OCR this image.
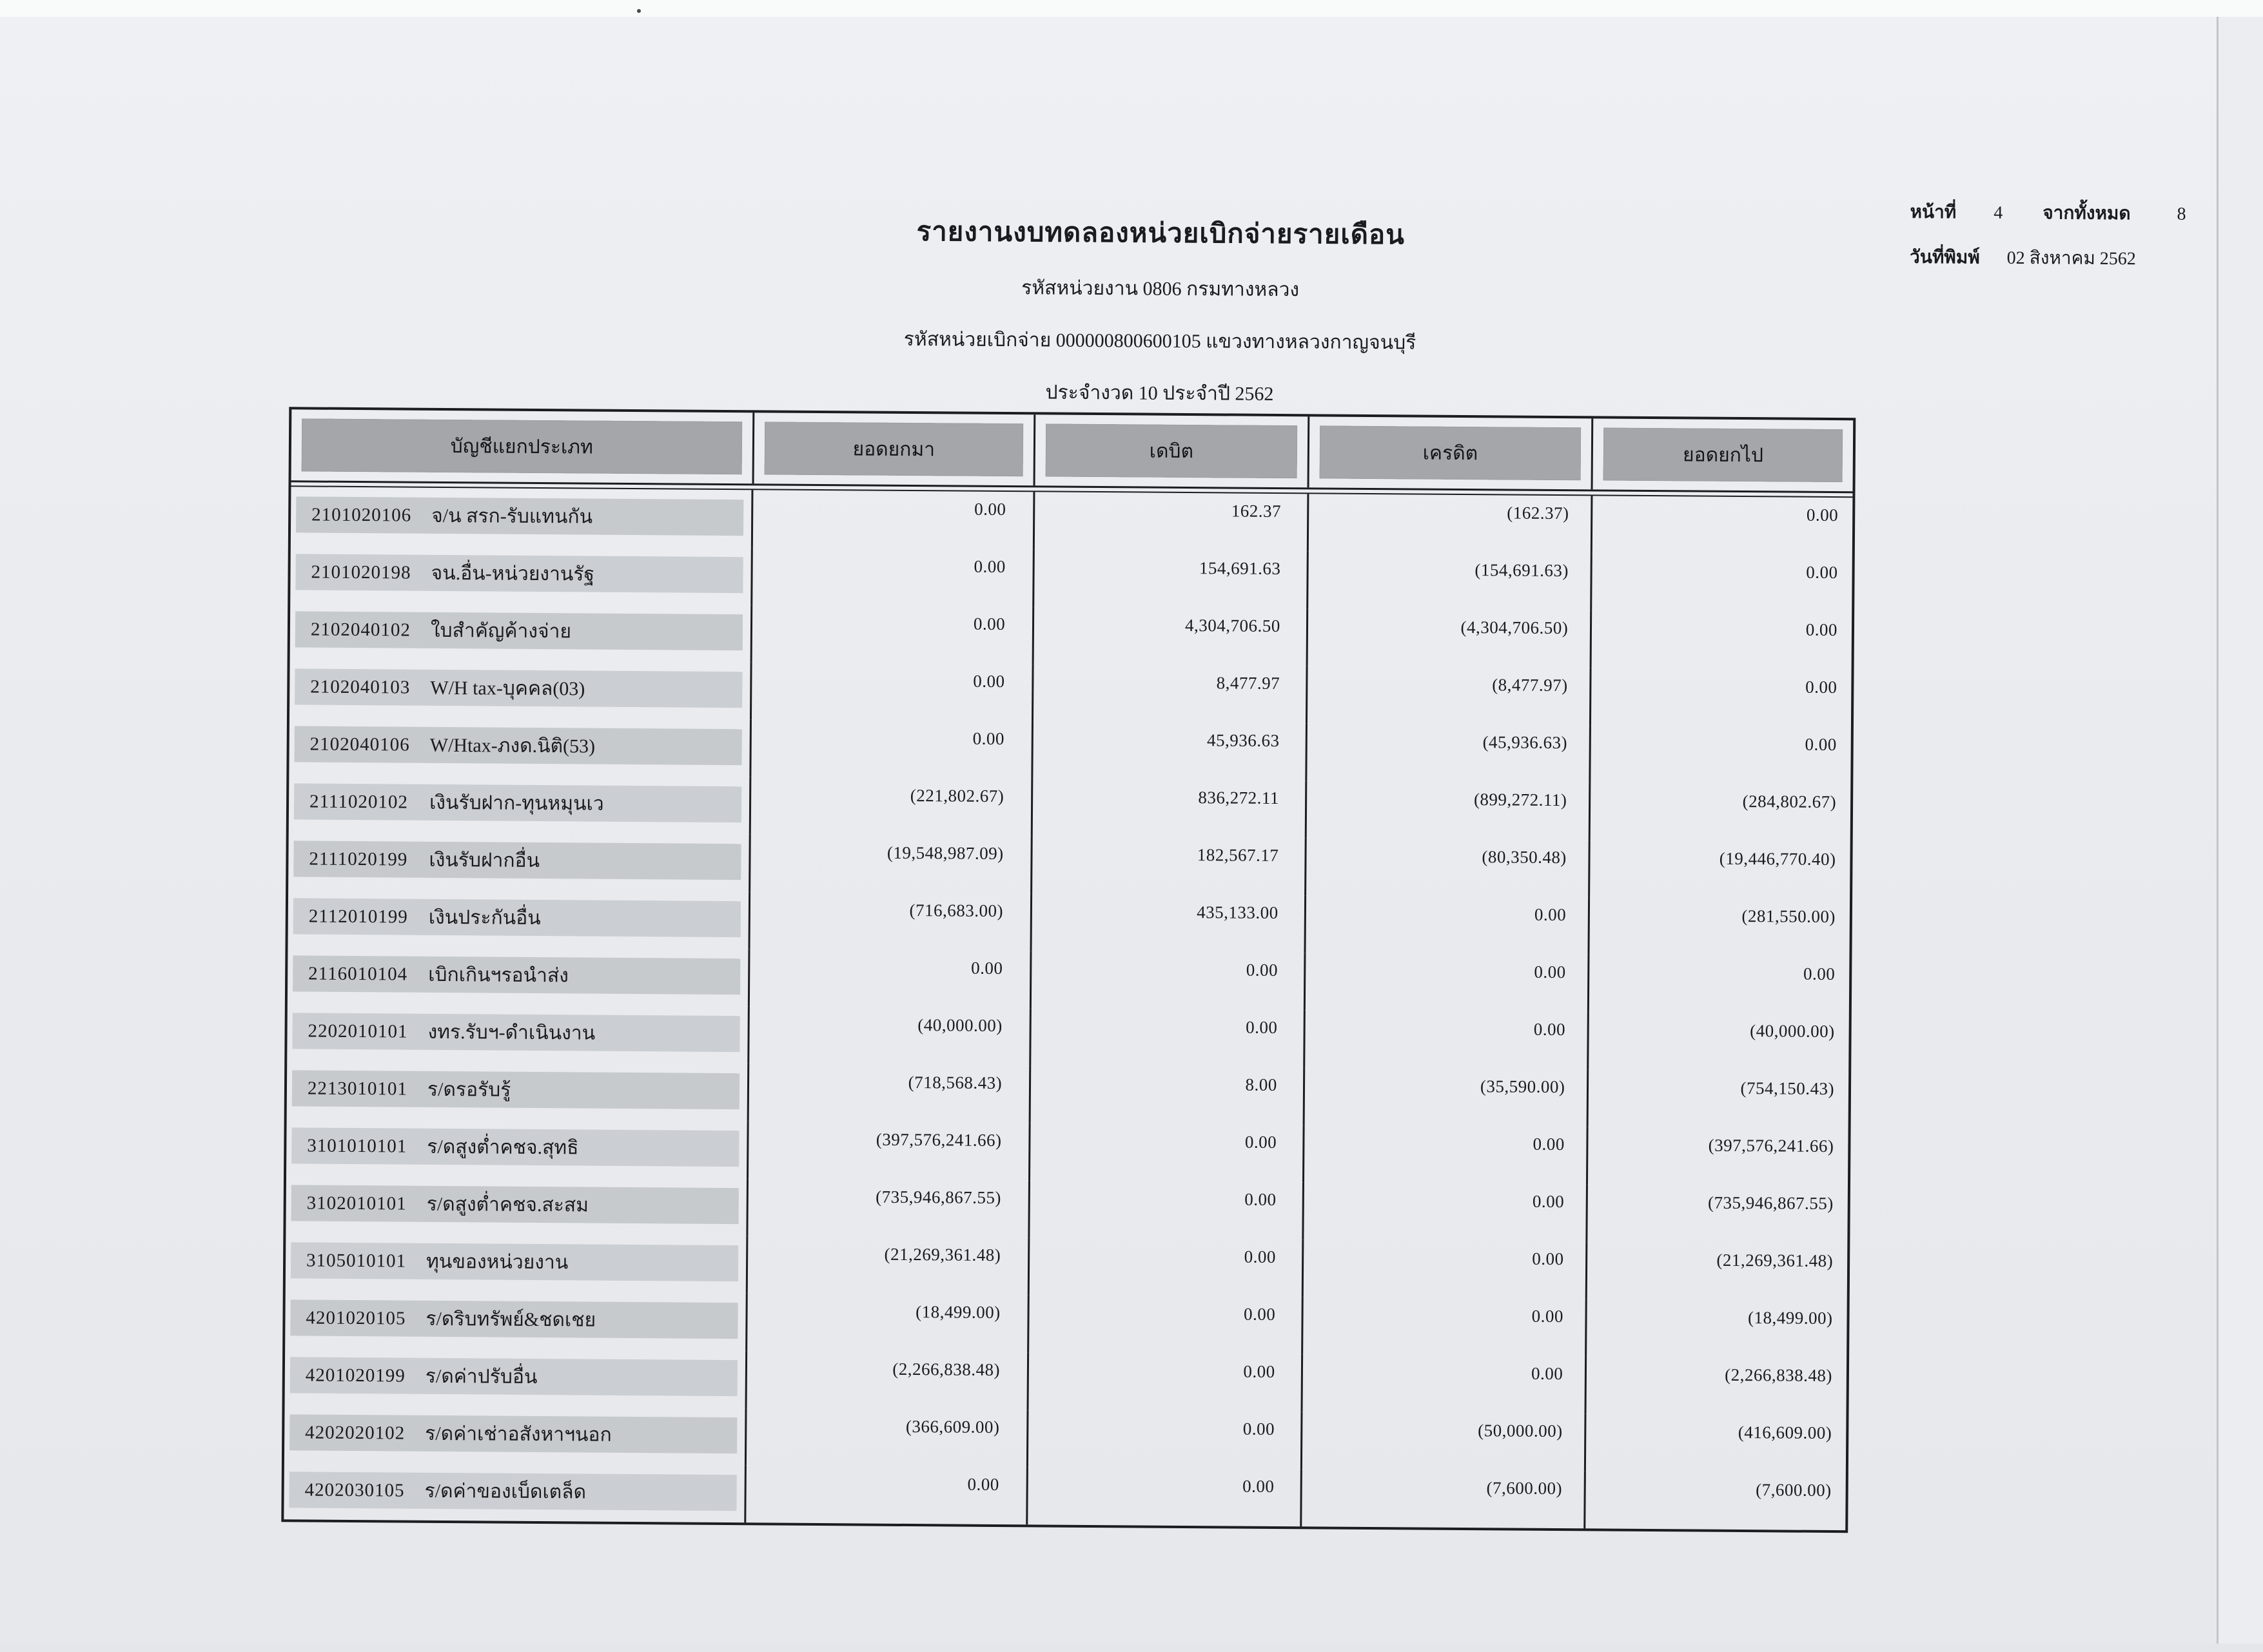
รายงานงบทดลองหน่วยเบิกจ่ายรายเดือน
รหัสหน่วยงาน 0806 กรมทางหลวง
รหัสหน่วยเบิกจ่าย 000000800600105 แขวงทางหลวงกาญจนบุรี
ประจำงวด 10 ประจำปี 2562
หน้าที่ 4 จากทั้งหมด	8
วันที่พิมพ์ 02 สิงหาคม 2562
บัญชีแยกประเภท	ยอดยกมา	เดบิต	เครดิต	ยอดยกไป
2101020106	จ/น สรก-รับแทนกัน	0.00	162.37	(162.37)	0.00
2101020198	จน.อื่น-หน่วยงานรัฐ	0.00	154,691.63	(154,691.63)	0.00
2102040102	ใบสำคัญค้างจ่าย	0.00	4,304,706.50	(4,304,706.50)	0.00
2102040103	W/H tax-บุคคล(03)	0.00	8,477.97	(8,477.97)	0.00
2102040106	W/Htax-ภงด.นิติ(53)	0.00	45,936.63	(45,936.63)	0.00
2111020102	เงินรับฝาก-ทุนหมุนเว	(221,802.67)	836,272.11	(899,272.11)	(284,802.67)
2111020199	เงินรับฝากอื่น	(19,548,987.09)	182,567.17	(80,350.48)	(19,446,770.40)
2112010199	เงินประกันอื่น	(716,683.00)	435,133.00	0.00	(281,550.00)
2116010104	เบิกเกินฯรอนำส่ง	0.00	0.00	0.00	0.00
2202010101	งทร.รับฯ-ดำเนินงาน	(40,000.00)	0.00	0.00	(40,000.00)
2213010101	ร/ดรอรับรู้	(718,568.43)	8.00	(35,590.00)	(754,150.43)
3101010101	ร/ดสูงต่ำคชจ.สุทธิ	(397,576,241.66)	0.00	0.00	(397,576,241.66)
3102010101	ร/ดสูงต่ำคชจ.สะสม	(735,946,867.55)	0.00	0.00	(735,946,867.55)
3105010101	ทุนของหน่วยงาน	(21,269,361.48)	0.00	0.00	(21,269,361.48)
4201020105	ร/ดริบทรัพย์&ชดเชย	(18,499.00)	0.00	0.00	(18,499.00)
4201020199	ร/ดค่าปรับอื่น	(2,266,838.48)	0.00	0.00	(2,266,838.48)
4202020102	ร/ดค่าเช่าอสังหาฯนอก	(366,609.00)	0.00	(50,000.00)	(416,609.00)
4202030105	ร/ดค่าของเบ็ดเตล็ด	0.00	0.00	(7,600.00)	(7,600.00)
